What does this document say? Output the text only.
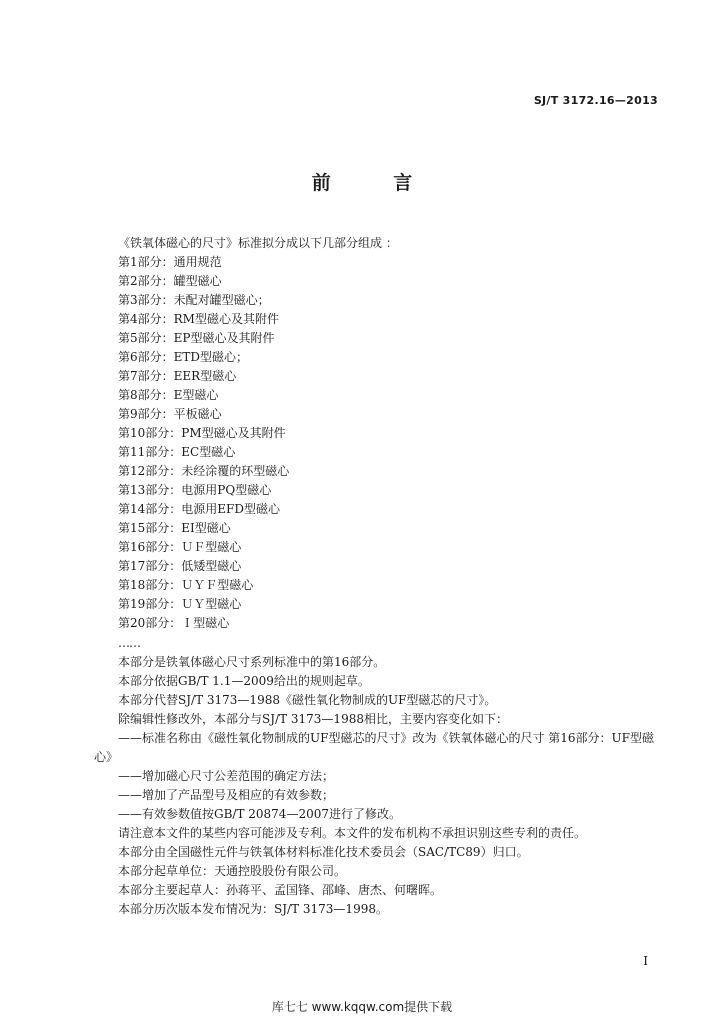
SJ/T 3172.16—2013
前 言
《铁氧体磁心的尺寸》标准拟分成以下几部分组成 ：
第1部分：通用规范
第2部分：罐型磁心
第3部分：未配对罐型磁心；
第4部分：RM型磁心及其附件
第5部分：EP型磁心及其附件
第6部分：ETD型磁心；
第7部分：EER型磁心
第8部分：E型磁心
第9部分：平板磁心
第10部分：PM型磁心及其附件
第11部分：EC型磁心
第12部分：未经涂覆的环型磁心
第13部分：电源用PQ型磁心
第14部分：电源用EFD型磁心
第15部分：EI型磁心
第16部分：ＵＦ型磁心
第17部分：低矮型磁心
第18部分：ＵＹＦ型磁心
第19部分：ＵＹ型磁心
第20部分：Ｉ型磁心
……

本部分是铁氧体磁心尺寸系列标准中的第16部分。

本部分依据GB/T 1.1—2009给出的规则起草。

本部分代替SJ/T 3173—1988《磁性氧化物制成的UF型磁芯的尺寸》。

除编辑性修改外，本部分与SJ/T 3173—1988相比，主要内容变化如下：

——标准名称由《磁性氧化物制成的UF型磁芯的尺寸》改为《铁氧体磁心的尺寸 第16部分：UF型磁心》

——增加磁心尺寸公差范围的确定方法；

——增加了产品型号及相应的有效参数；

——有效参数值按GB/T 20874—2007进行了修改。

请注意本文件的某些内容可能涉及专利。本文件的发布机构不承担识别这些专利的责任。

本部分由全国磁性元件与铁氧体材料标准化技术委员会（SAC/TC89）归口。

本部分起草单位：天通控股股份有限公司。

本部分主要起草人：孙蒋平、孟国锋、邵峰、唐杰、何曙晖。

本部分历次版本发布情况为：SJ/T 3173—1998。

I
库七七 www.kqqw.com提供下载
